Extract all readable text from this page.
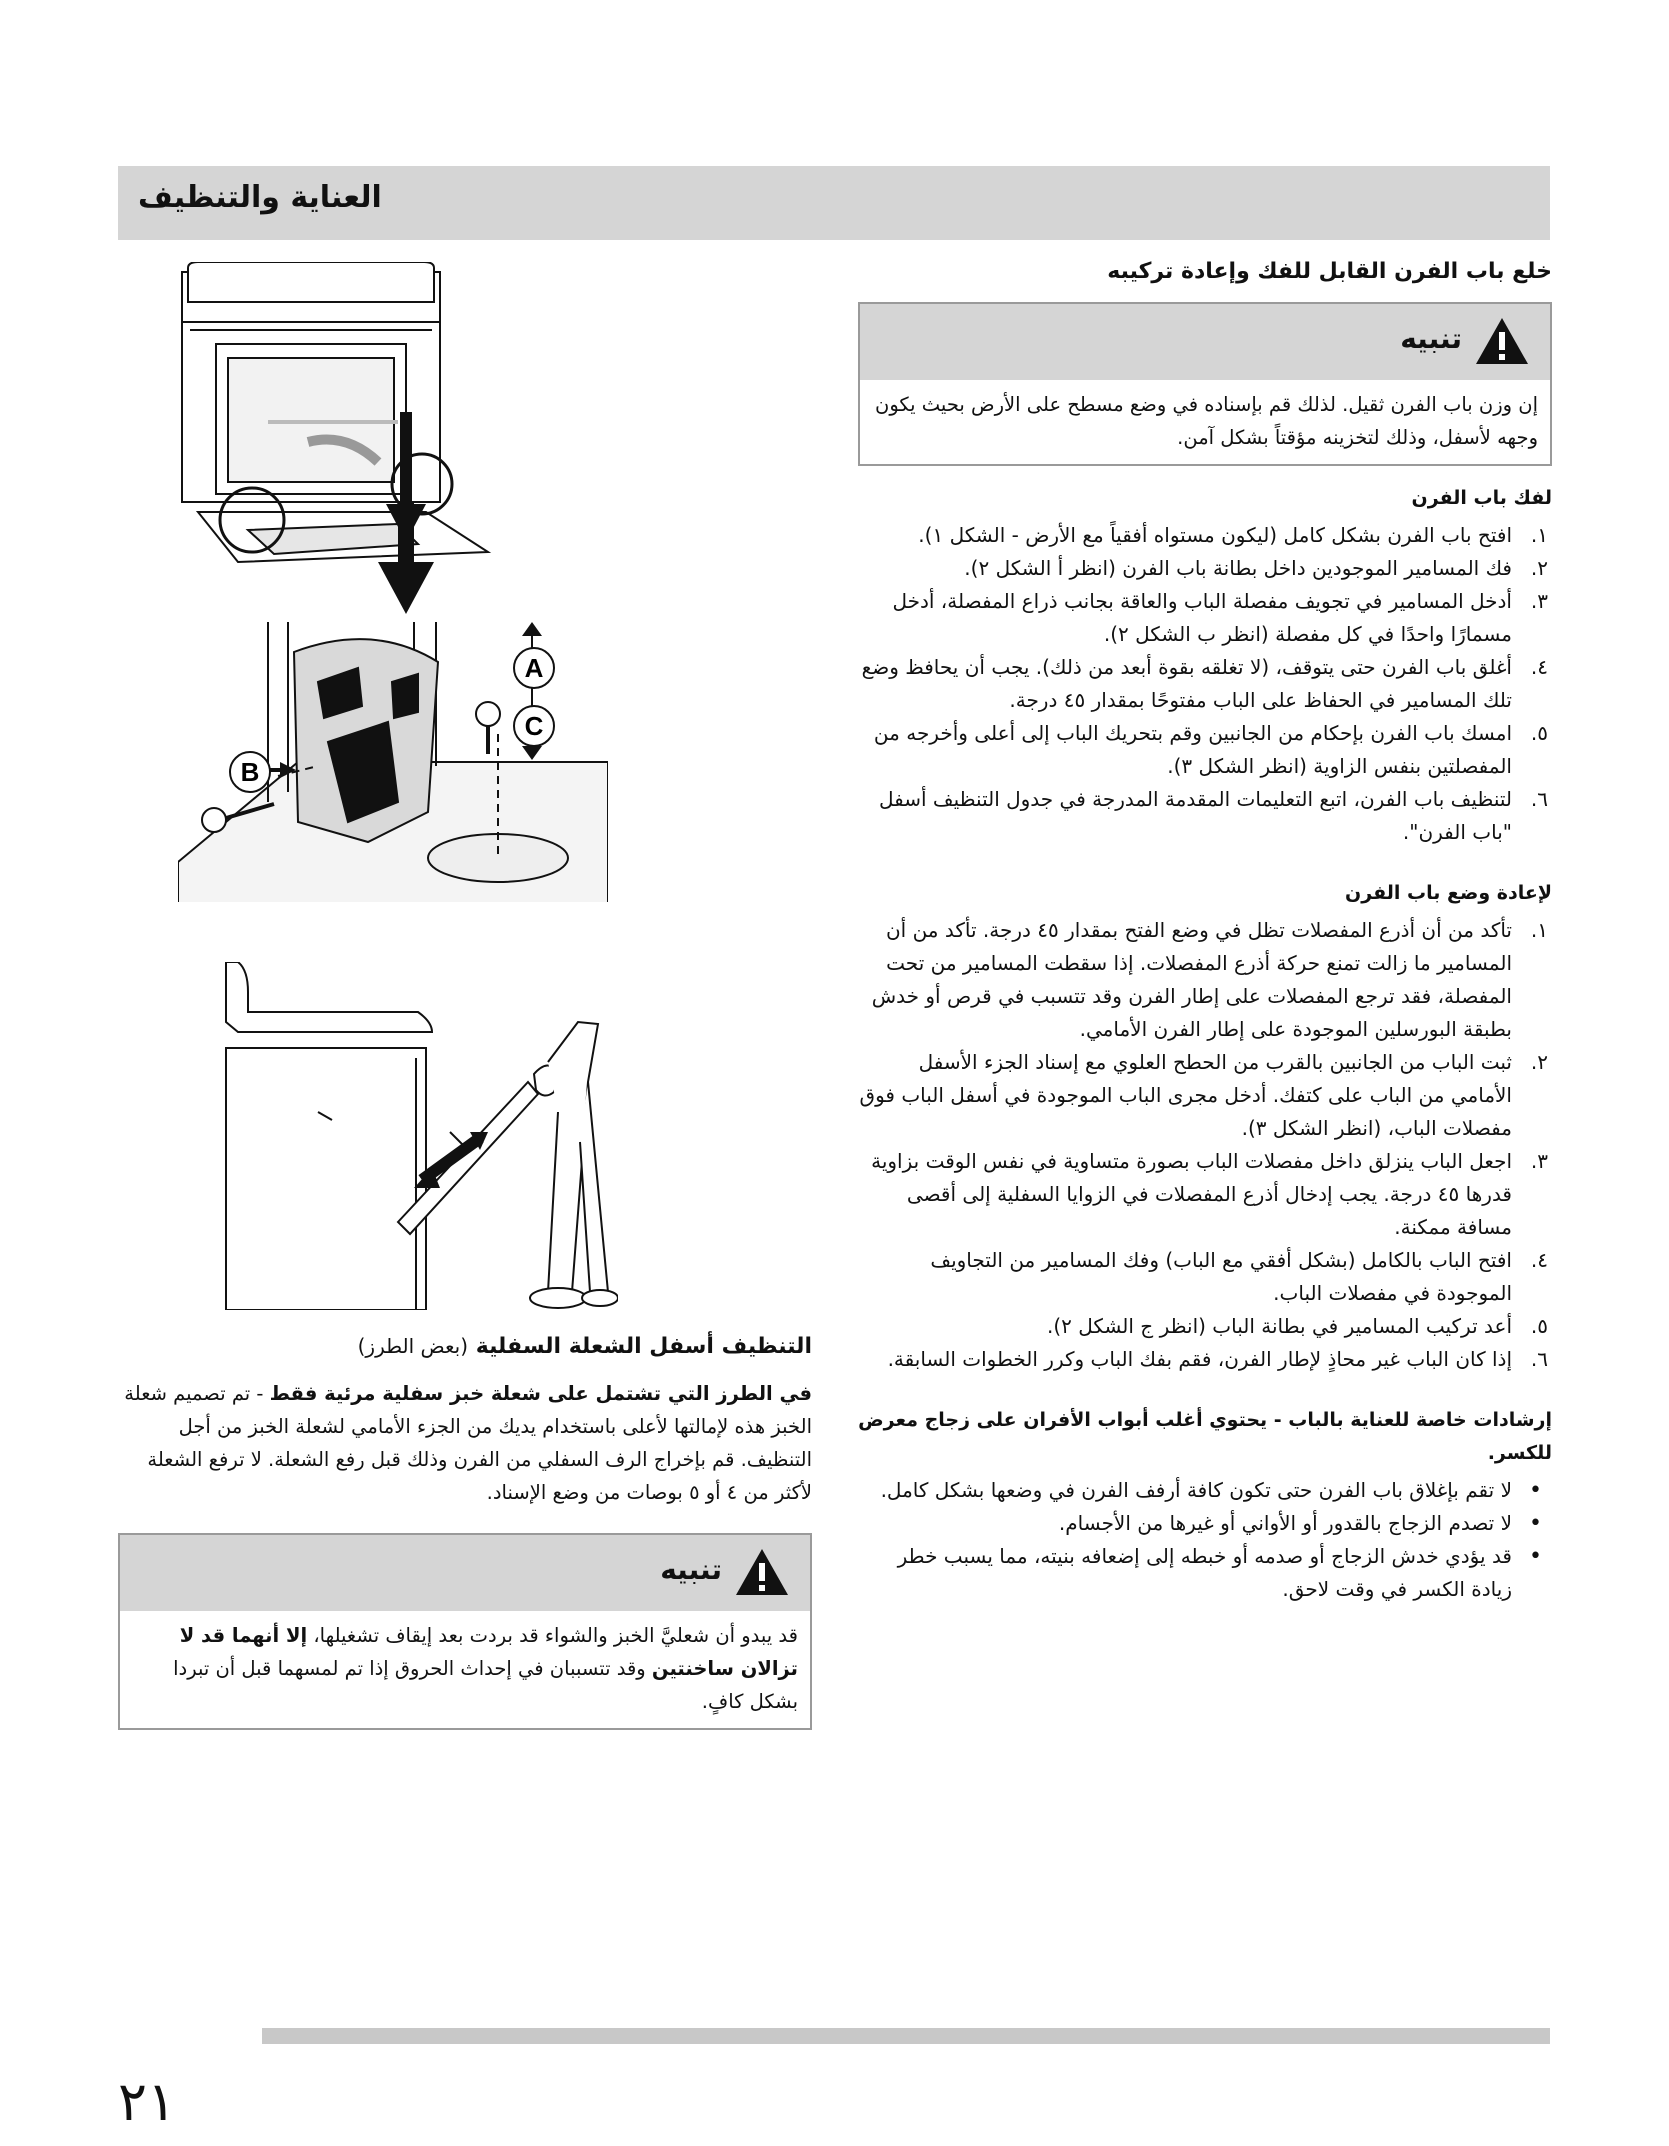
العناية والتنظيف
خلع باب الفرن القابل للفك وإعادة تركيبه
تنبيه
إن وزن باب الفرن ثقيل. لذلك قم بإسناده في وضع مسطح على الأرض بحيث يكون وجهه لأسفل، وذلك لتخزينه مؤقتاً بشكل آمن.
لفك باب الفرن
١.
افتح باب الفرن بشكل كامل (ليكون مستواه أفقياً مع الأرض - الشكل ١).
٢.
فك المسامير الموجودين داخل بطانة باب الفرن (انظر أ الشكل ٢).
٣.
أدخل المسامير في تجويف مفصلة الباب والعاقة بجانب ذراع المفصلة، أدخل مسمارًا واحدًا في كل مفصلة (انظر ب الشكل ٢).
٤.
أغلق باب الفرن حتى يتوقف، (لا تغلقه بقوة أبعد من ذلك). يجب أن يحافظ وضع تلك المسامير في الحفاظ على الباب مفتوحًا بمقدار ٤٥ درجة.
٥.
امسك باب الفرن بإحكام من الجانبين وقم بتحريك الباب إلى أعلى وأخرجه من المفصلتين بنفس الزاوية (انظر الشكل ٣).
٦.
لتنظيف باب الفرن، اتبع التعليمات المقدمة المدرجة في جدول التنظيف أسفل "باب الفرن".
لإعادة وضع باب الفرن
١.
تأكد من أن أذرع المفصلات تظل في وضع الفتح بمقدار ٤٥ درجة. تأكد من أن المسامير ما زالت تمنع حركة أذرع المفصلات. إذا سقطت المسامير من تحت المفصلة، فقد ترجع المفصلات على إطار الفرن وقد تتسبب في قرص أو خدش بطبقة البورسلين الموجودة على إطار الفرن الأمامي.
٢.
ثبت الباب من الجانبين بالقرب من الحطح العلوي مع إسناد الجزء الأسفل الأمامي من الباب على كتفك. أدخل مجرى الباب الموجودة في أسفل الباب فوق مفصلات الباب، (انظر الشكل ٣).
٣.
اجعل الباب ينزلق داخل مفصلات الباب بصورة متساوية في نفس الوقت بزاوية قدرها ٤٥ درجة. يجب إدخال أذرع المفصلات في الزوايا السفلية إلى أقصى مسافة ممكنة.
٤.
افتح الباب بالكامل (بشكل أفقي مع الباب) وفك المسامير من التجاويف الموجودة في مفصلات الباب.
٥.
أعد تركيب المسامير في بطانة الباب (انظر ج الشكل ٢).
٦.
إذا كان الباب غير محاذٍ لإطار الفرن، فقم بفك الباب وكرر الخطوات السابقة.
إرشادات خاصة للعناية بالباب - يحتوي أغلب أبواب الأفران على زجاج معرض للكسر.
• لا تقم بإغلاق باب الفرن حتى تكون كافة أرفف الفرن في وضعها بشكل كامل.
• لا تصدم الزجاج بالقدور أو الأواني أو غيرها من الأجسام.
• قد يؤدي خدش الزجاج أو صدمه أو خبطه إلى إضعافه بنيته، مما يسبب خطر زيادة الكسر في وقت لاحق.
A
C
B
التنظيف أسفل الشعلة السفلية (بعض الطرز)
في الطرز التي تشتمل على شعلة خبز سفلية مرئية فقط - تم تصميم شعلة الخبز هذه لإمالتها لأعلى باستخدام يديك من الجزء الأمامي لشعلة الخبز من أجل التنظيف. قم بإخراج الرف السفلي من الفرن وذلك قبل رفع الشعلة. لا ترفع الشعلة لأكثر من ٤ أو ٥ بوصات من وضع الإسناد.
تنبيه
قد يبدو أن شعليَّ الخبز والشواء قد بردت بعد إيقاف تشغيلها، إلا أنهما قد لا تزالان ساخنتين وقد تتسببان في إحداث الحروق إذا تم لمسهما قبل أن تبردا بشكل كافٍ.
٢١
